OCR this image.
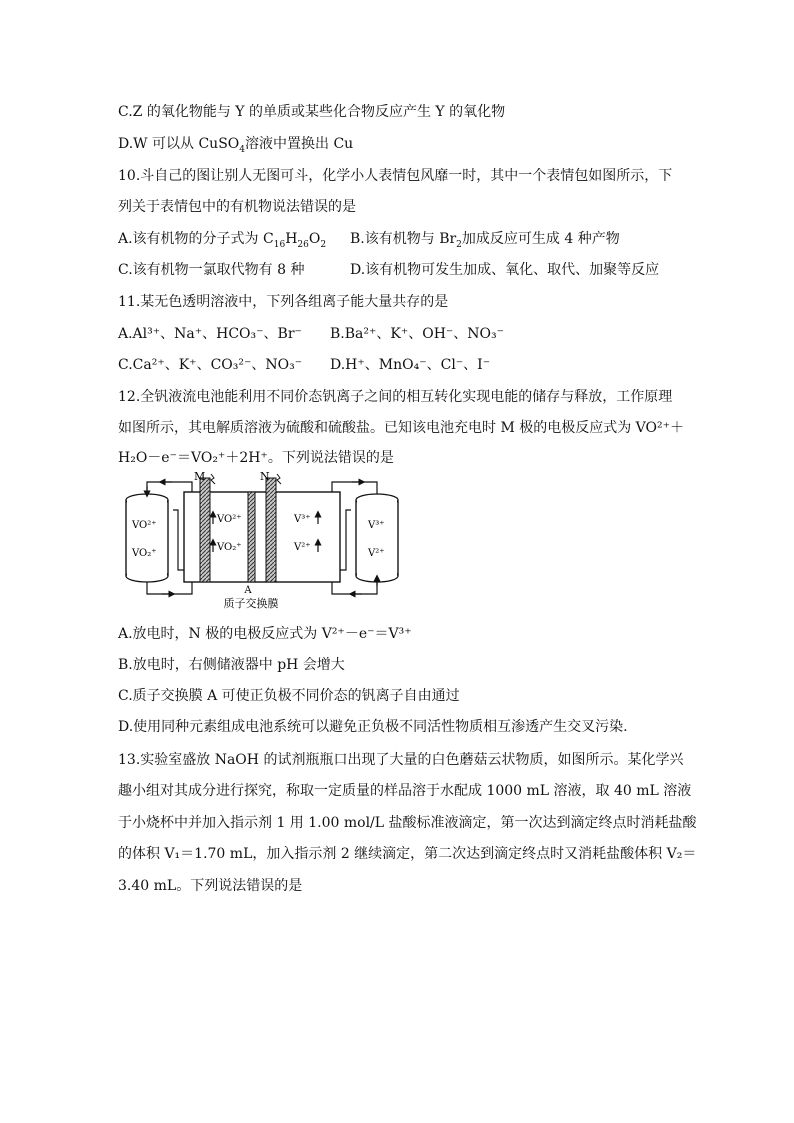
C.Z 的氧化物能与 Y 的单质或某些化合物反应产生 Y 的氧化物
D.W 可以从 CuSO$_4$溶液中置换出 Cu
10.斗自己的图让别人无图可斗，化学小人表情包风靡一时，其中一个表情包如图所示，下
列关于表情包中的有机物说法错误的是
A.该有机物的分子式为 $C_{16}H_{26}O_2$ B.该有机物与 $Br_2$加成反应可生成 4 种产物
C.该有机物一氯取代物有 8 种	D.该有机物可发生加成、氧化、取代、加聚等反应
11.某无色透明溶液中，下列各组离子能大量共存的是
A.Al³⁺、Na⁺、HCO₃⁻、Br⁻ B.Ba²⁺、K⁺、OH⁻、NO₃⁻
C.Ca²⁺、K⁺、CO₃²⁻、NO₃⁻ D.H⁺、MnO₄⁻、Cl⁻、I⁻
12.全钒液流电池能利用不同价态钒离子之间的相互转化实现电能的储存与释放，工作原理
如图所示，其电解质溶液为硫酸和硫酸盐。已知该电池充电时 M 极的电极反应式为 VO²⁺＋
H₂O－e⁻＝VO₂⁺＋2H⁺。下列说法错误的是
VO²⁺
VO₂⁺
V³⁺
V²⁺
M	N
VO²⁺
VO₂⁺
V³⁺
V²⁺
A
质子交换膜
A.放电时，N 极的电极反应式为 V²⁺－e⁻＝V³⁺
B.放电时，右侧储液器中 pH 会增大
C.质子交换膜 A 可使正负极不同价态的钒离子自由通过
D.使用同种元素组成电池系统可以避免正负极不同活性物质相互渗透产生交叉污染.
13.实验室盛放 NaOH 的试剂瓶瓶口出现了大量的白色蘑菇云状物质，如图所示。某化学兴
趣小组对其成分进行探究，称取一定质量的样品溶于水配成 1000 mL 溶液，取 40 mL 溶液
于小烧杯中并加入指示剂 1 用 1.00 mol/L 盐酸标准液滴定，第一次达到滴定终点时消耗盐酸
的体积 V₁＝1.70 mL，加入指示剂 2 继续滴定，第二次达到滴定终点时又消耗盐酸体积 V₂＝
3.40 mL。下列说法错误的是
